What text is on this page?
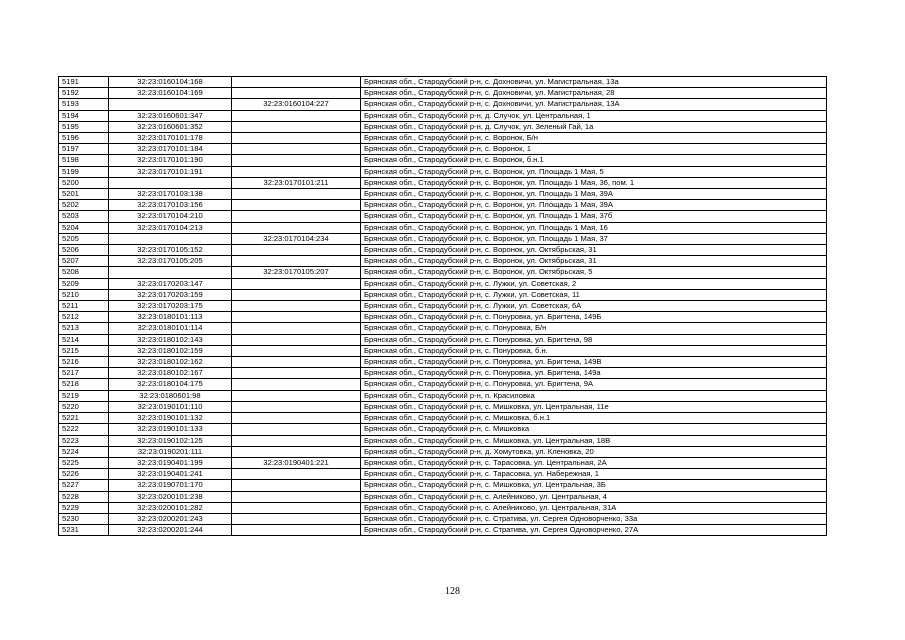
5191	32:23:0160104:168		Брянская обл., Стародубский р-н, с. Дохновичи, ул. Магистральная, 13а
5192	32:23:0160104:169		Брянская обл., Стародубский р-н, с. Дохновичи, ул. Магистральная, 28
5193		32:23:0160104:227	Брянская обл., Стародубский р-н, с. Дохновичи, ул. Магистральная, 13А
5194	32:23:0160601:347		Брянская обл., Стародубский р-н, д. Случок, ул. Центральная, 1
5195	32:23:0160601:352		Брянская обл., Стародубский р-н, д. Случок, ул. Зеленый Гай, 1а
5196	32:23:0170101:178		Брянская обл., Стародубский р-н, с. Воронок, Б/н
5197	32:23:0170101:184		Брянская обл., Стародубский р-н, с. Воронок, 1
5198	32:23:0170101:190		Брянская обл., Стародубский р-н, с. Воронок, б.н.1
5199	32:23:0170101:191		Брянская обл., Стародубский р-н, с. Воронок, ул. Площадь 1 Мая, 5
5200		32:23:0170101:211	Брянская обл., Стародубский р-н, с. Воронок, ул. Площадь 1 Мая, 36, пом. 1
5201	32:23:0170103:138		Брянская обл., Стародубский р-н, с. Воронок, ул. Площадь 1 Мая, 39А
5202	32:23:0170103:156		Брянская обл., Стародубский р-н, с. Воронок, ул. Площадь 1 Мая, 39А
5203	32:23:0170104:210		Брянская обл., Стародубский р-н, с. Воронок, ул. Площадь 1 Мая, 37б
5204	32:23:0170104:213		Брянская обл., Стародубский р-н, с. Воронок, ул. Площадь 1 Мая, 16
5205		32:23:0170104:234	Брянская обл., Стародубский р-н, с. Воронок, ул. Площадь 1 Мая, 37
5206	32:23:0170105:152		Брянская обл., Стародубский р-н, с. Воронок, ул. Октябрьская, 31
5207	32:23:0170105:205		Брянская обл., Стародубский р-н, с. Воронок, ул. Октябрьская, 31
5208		32:23:0170105:207	Брянская обл., Стародубский р-н, с. Воронок, ул. Октябрьская, 5
5209	32:23:0170203:147		Брянская обл., Стародубский р-н, с. Лужки, ул. Советская, 2
5210	32:23:0170203:159		Брянская обл., Стародубский р-н, с. Лужки, ул. Советская, 11
5211	32:23:0170203:175		Брянская обл., Стародубский р-н, с. Лужки, ул. Советская, 6А
5212	32:23:0180101:113		Брянская обл., Стародубский р-н, с. Понуровка, ул. Бригтена, 149Б
5213	32:23:0180101:114		Брянская обл., Стародубский р-н, с. Понуровка, Б/н
5214	32:23:0180102:143		Брянская обл., Стародубский р-н, с. Понуровка, ул. Бригтена, 98
5215	32:23:0180102:159		Брянская обл., Стародубский р-н, с. Понуровка, б.н.
5216	32:23:0180102:162		Брянская обл., Стародубский р-н, с. Понуровка, ул. Бригтена, 149В
5217	32:23:0180102:167		Брянская обл., Стародубский р-н, с. Понуровка, ул. Бригтена, 149а
5218	32:23:0180104:175		Брянская обл., Стародубский р-н, с. Понуровка, ул. Бригтена, 9А
5219	32:23:0180601:98		Брянская обл., Стародубский р-н, п. Красиловка
5220	32:23:0190101:110		Брянская обл., Стародубский р-н, с. Мишковка, ул. Центральная, 11е
5221	32:23:0190101:132		Брянская обл., Стародубский р-н, с. Мишковка, б.н.1
5222	32:23:0190101:133		Брянская обл., Стародубский р-н, с. Мишковка
5223	32:23:0190102:125		Брянская обл., Стародубский р-н, с. Мишковка, ул. Центральная, 18В
5224	32:23:0190201:111		Брянская обл., Стародубский р-н, д. Хомутовка, ул. Кленовка, 20
5225	32:23:0190401:199	32:23:0190401:221	Брянская обл., Стародубский р-н, с. Тарасовка, ул. Центральная, 2А
5226	32:23:0190401:241		Брянская обл., Стародубский р-н, с. Тарасовка, ул. Набережная, 1
5227	32:23:0190701:170		Брянская обл., Стародубский р-н, с. Мишковка, ул. Центральная, 3Б
5228	32:23:0200101:238		Брянская обл., Стародубский р-н, с. Алейниково, ул. Центральная, 4
5229	32:23:0200101:282		Брянская обл., Стародубский р-н, с. Алейниково, ул. Центральная, 31А
5230	32:23:0200201:243		Брянская обл., Стародубский р-н, с. Стратива, ул. Сергея Одноворченко, 33а
5231	32:23:0200201:244		Брянская обл., Стародубский р-н, с. Стратива, ул. Сергея Одноворченко, 27А
128
